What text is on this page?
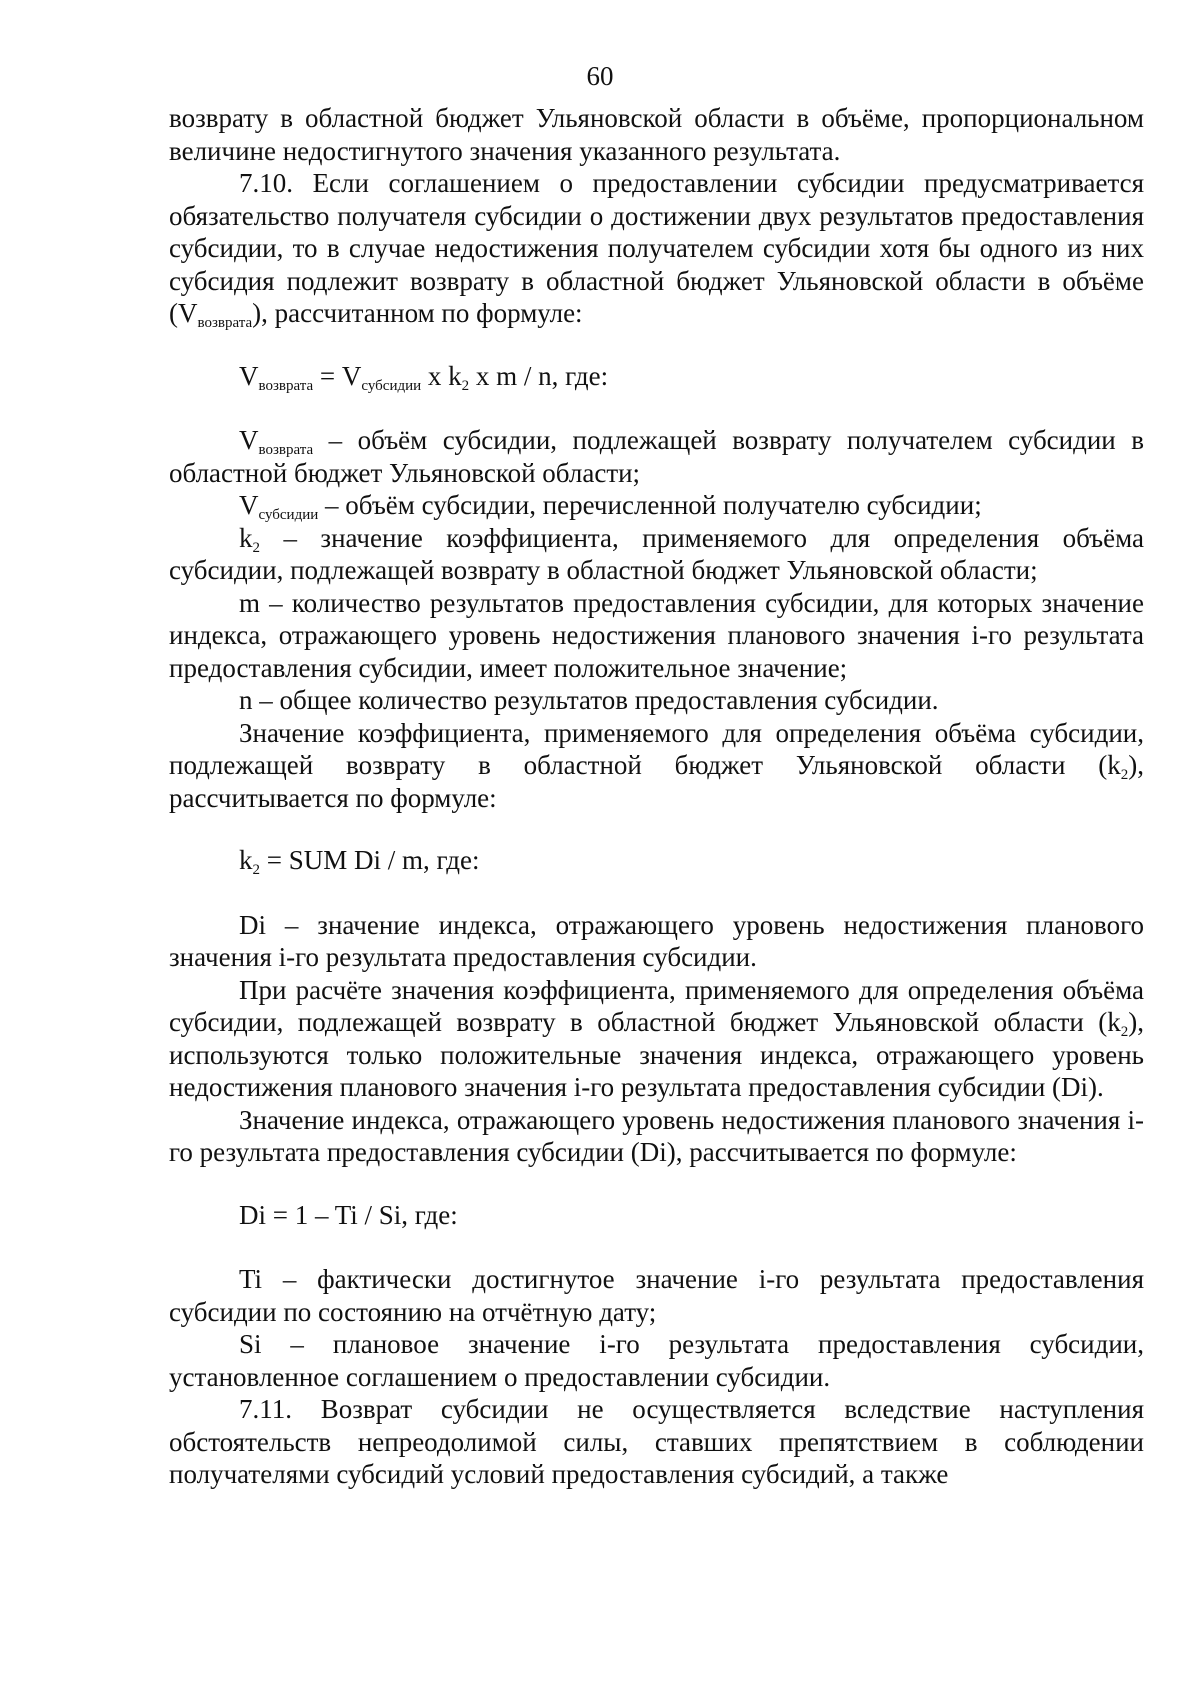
60

возврату в областной бюджет Ульяновской области в объёме, пропорциональном величине недостигнутого значения указанного результата.

7.10. Если соглашением о предоставлении субсидии предусматривается обязательство получателя субсидии о достижении двух результатов предоставления субсидии, то в случае недостижения получателем субсидии хотя бы одного из них субсидия подлежит возврату в областной бюджет Ульяновской области в объёме $(V_{возврата})$, рассчитанном по формуле:

$V_{возврата} = V_{субсидии}$ x $k_2$ x m / n, где:

$V_{возврата}$ – объём субсидии, подлежащей возврату получателем субсидии в областной бюджет Ульяновской области;

$V_{субсидии}$ – объём субсидии, перечисленной получателю субсидии;

$k_2$ – значение коэффициента, применяемого для определения объёма субсидии, подлежащей возврату в областной бюджет Ульяновской области;

m – количество результатов предоставления субсидии, для которых значение индекса, отражающего уровень недостижения планового значения i-го результата предоставления субсидии, имеет положительное значение;

n – общее количество результатов предоставления субсидии.

Значение коэффициента, применяемого для определения объёма субсидии, подлежащей возврату в областной бюджет Ульяновской области $(k_2)$, рассчитывается по формуле:

$k_2$ = SUM Di / m, где:

Di – значение индекса, отражающего уровень недостижения планового значения i-го результата предоставления субсидии.

При расчёте значения коэффициента, применяемого для определения объёма субсидии, подлежащей возврату в областной бюджет Ульяновской области $(k_2)$, используются только положительные значения индекса, отражающего уровень недостижения планового значения i-го результата предоставления субсидии (Di).

Значение индекса, отражающего уровень недостижения планового значения i-го результата предоставления субсидии (Di), рассчитывается по формуле:

Di = 1 – Ti / Si, где:

Ti – фактически достигнутое значение i-го результата предоставления субсидии по состоянию на отчётную дату;

Si – плановое значение i-го результата предоставления субсидии, установленное соглашением о предоставлении субсидии.

7.11. Возврат субсидии не осуществляется вследствие наступления обстоятельств непреодолимой силы, ставших препятствием в соблюдении получателями субсидий условий предоставления субсидий, а также
